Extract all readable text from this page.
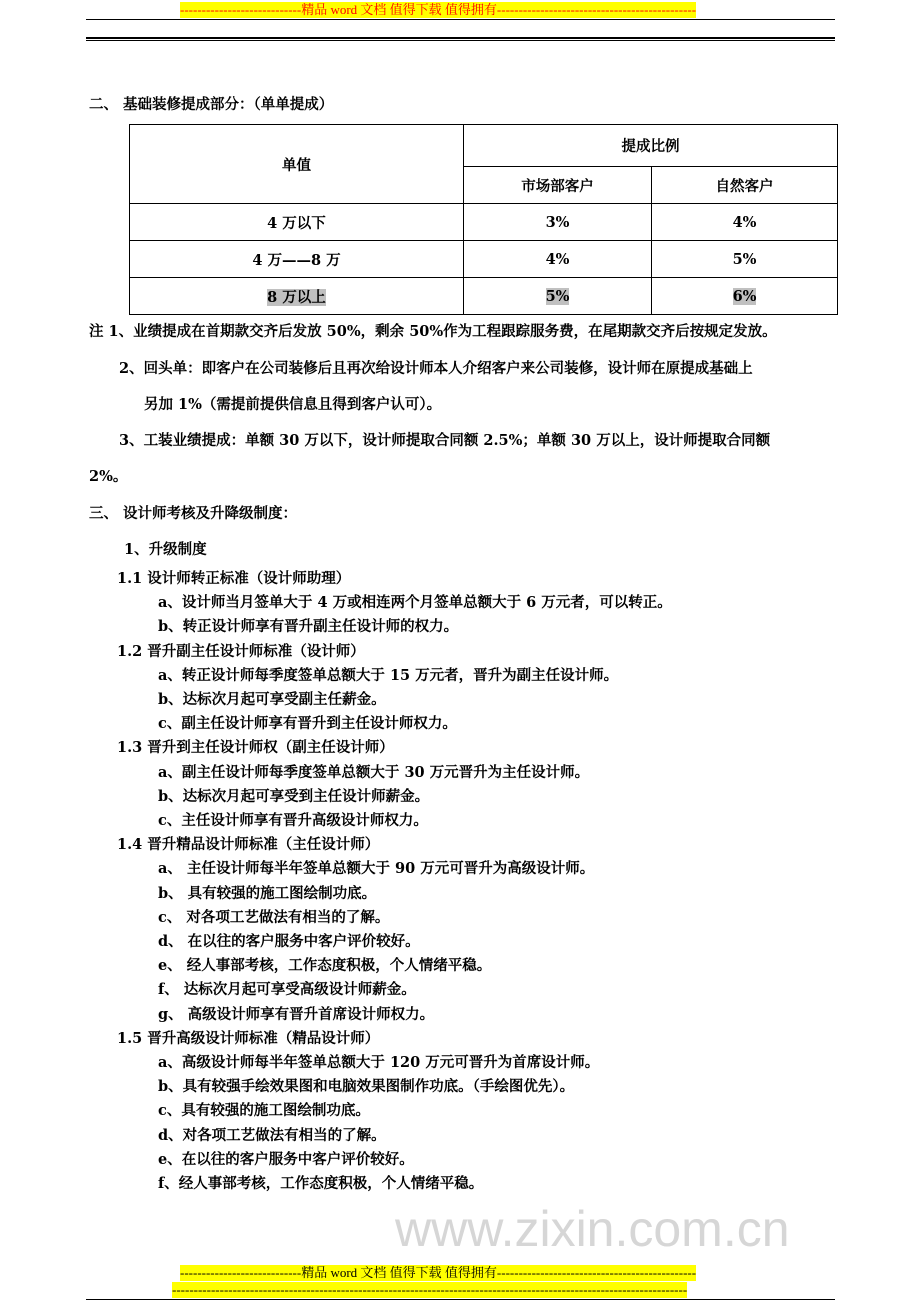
----------------------------精品 word 文档 值得下载 值得拥有----------------------------------------------
www.zixin.com.cn
二、 基础装修提成部分：（单单提成）
单值	提成比例	
	市场部客户	自然客户
4 万以下	3%	4%
4 万——8 万	4%	5%
8 万以上	5%	6%
注 1、业绩提成在首期款交齐后发放 50%，剩余 50%作为工程跟踪服务费，在尾期款交齐后按规定发放。
2、回头单：即客户在公司装修后且再次给设计师本人介绍客户来公司装修，设计师在原提成基础上
另加 1%（需提前提供信息且得到客户认可）。
3、工装业绩提成：单额 30 万以下，设计师提取合同额 2.5%；单额 30 万以上，设计师提取合同额
2%。
三、 设计师考核及升降级制度：
1、升级制度
1.1 设计师转正标准（设计师助理）
a、设计师当月签单大于 4 万或相连两个月签单总额大于 6 万元者，可以转正。
b、转正设计师享有晋升副主任设计师的权力。
1.2 晋升副主任设计师标准（设计师）
a、转正设计师每季度签单总额大于 15 万元者，晋升为副主任设计师。
b、达标次月起可享受副主任薪金。
c、副主任设计师享有晋升到主任设计师权力。
1.3 晋升到主任设计师权（副主任设计师）
a、副主任设计师每季度签单总额大于 30 万元晋升为主任设计师。
b、达标次月起可享受到主任设计师薪金。
c、主任设计师享有晋升高级设计师权力。
1.4 晋升精品设计师标准（主任设计师）
a、 主任设计师每半年签单总额大于 90 万元可晋升为高级设计师。
b、 具有较强的施工图绘制功底。
c、 对各项工艺做法有相当的了解。
d、 在以往的客户服务中客户评价较好。
e、 经人事部考核，工作态度积极，个人情绪平稳。
f、 达标次月起可享受高级设计师薪金。
g、 高级设计师享有晋升首席设计师权力。
1.5 晋升高级设计师标准（精品设计师）
a、高级设计师每半年签单总额大于 120 万元可晋升为首席设计师。
b、具有较强手绘效果图和电脑效果图制作功底。（手绘图优先）。
c、具有较强的施工图绘制功底。
d、对各项工艺做法有相当的了解。
e、在以往的客户服务中客户评价较好。
f、经人事部考核，工作态度积极，个人情绪平稳。
----------------------------精品 word 文档 值得下载 值得拥有----------------------------------------------
-----------------------------------------------------------------------------------------------------------------------
